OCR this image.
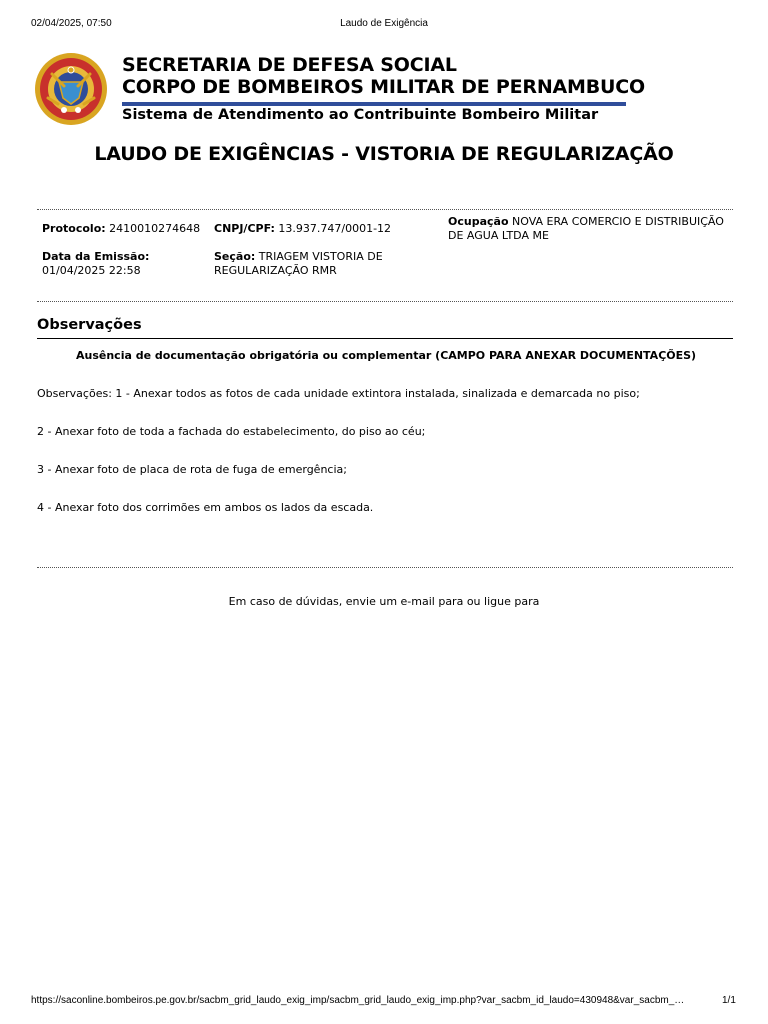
02/04/2025, 07:50	Laudo de Exigência
SECRETARIA DE DEFESA SOCIAL
CORPO DE BOMBEIROS MILITAR DE PERNAMBUCO
Sistema de Atendimento ao Contribuinte Bombeiro Militar
LAUDO DE EXIGÊNCIAS - VISTORIA DE REGULARIZAÇÃO
Protocolo: 2410010274648 CNPJ/CPF: 13.937.747/0001-12
Ocupação NOVA ERA COMERCIO E DISTRIBUIÇÃO DE AGUA LTDA ME
Data da Emissão:
01/04/2025 22:58
Seção: TRIAGEM VISTORIA DE REGULARIZAÇÃO RMR
Observações
Ausência de documentação obrigatória ou complementar (CAMPO PARA ANEXAR DOCUMENTAÇÕES)
Observações: 1 - Anexar todos as fotos de cada unidade extintora instalada, sinalizada e demarcada no piso;
2 - Anexar foto de toda a fachada do estabelecimento, do piso ao céu;
3 - Anexar foto de placa de rota de fuga de emergência;
4 - Anexar foto dos corrimões em ambos os lados da escada.
Em caso de dúvidas, envie um e-mail para ou ligue para
https://saconline.bombeiros.pe.gov.br/sacbm_grid_laudo_exig_imp/sacbm_grid_laudo_exig_imp.php?var_sacbm_id_laudo=430948&var_sacbm_…	1/1
